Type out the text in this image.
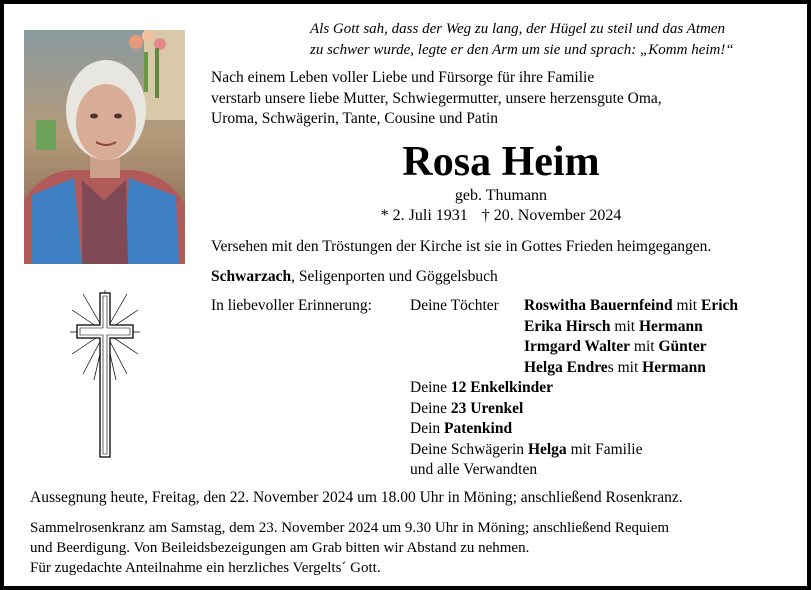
Als Gott sah, dass der Weg zu lang, der Hügel zu steil und das Atmen
zu schwer wurde, legte er den Arm um sie und sprach: „Komm heim!“
Nach einem Leben voller Liebe und Fürsorge für ihre Familie
verstarb unsere liebe Mutter, Schwiegermutter, unsere herzensgute Oma,
Uroma, Schwägerin, Tante, Cousine und Patin
Rosa Heim
geb. Thumann
* 2. Juli 1931 † 20. November 2024
Versehen mit den Tröstungen der Kirche ist sie in Gottes Frieden heimgegangen.
Schwarzach, Seligenporten und Göggelsbuch
In liebevoller Erinnerung: Deine Töchter Roswitha Bauernfeind mit Erich
Erika Hirsch mit Hermann
Irmgard Walter mit Günter
Helga Endres mit Hermann
Deine 12 Enkelkinder
Deine 23 Urenkel
Dein Patenkind
Deine Schwägerin Helga mit Familie
und alle Verwandten
Aussegnung heute, Freitag, den 22. November 2024 um 18.00 Uhr in Möning; anschließend Rosenkranz.
Sammelrosenkranz am Samstag, dem 23. November 2024 um 9.30 Uhr in Möning; anschließend Requiem
und Beerdigung. Von Beileidsbezeigungen am Grab bitten wir Abstand zu nehmen.
Für zugedachte Anteilnahme ein herzliches Vergelts´ Gott.
